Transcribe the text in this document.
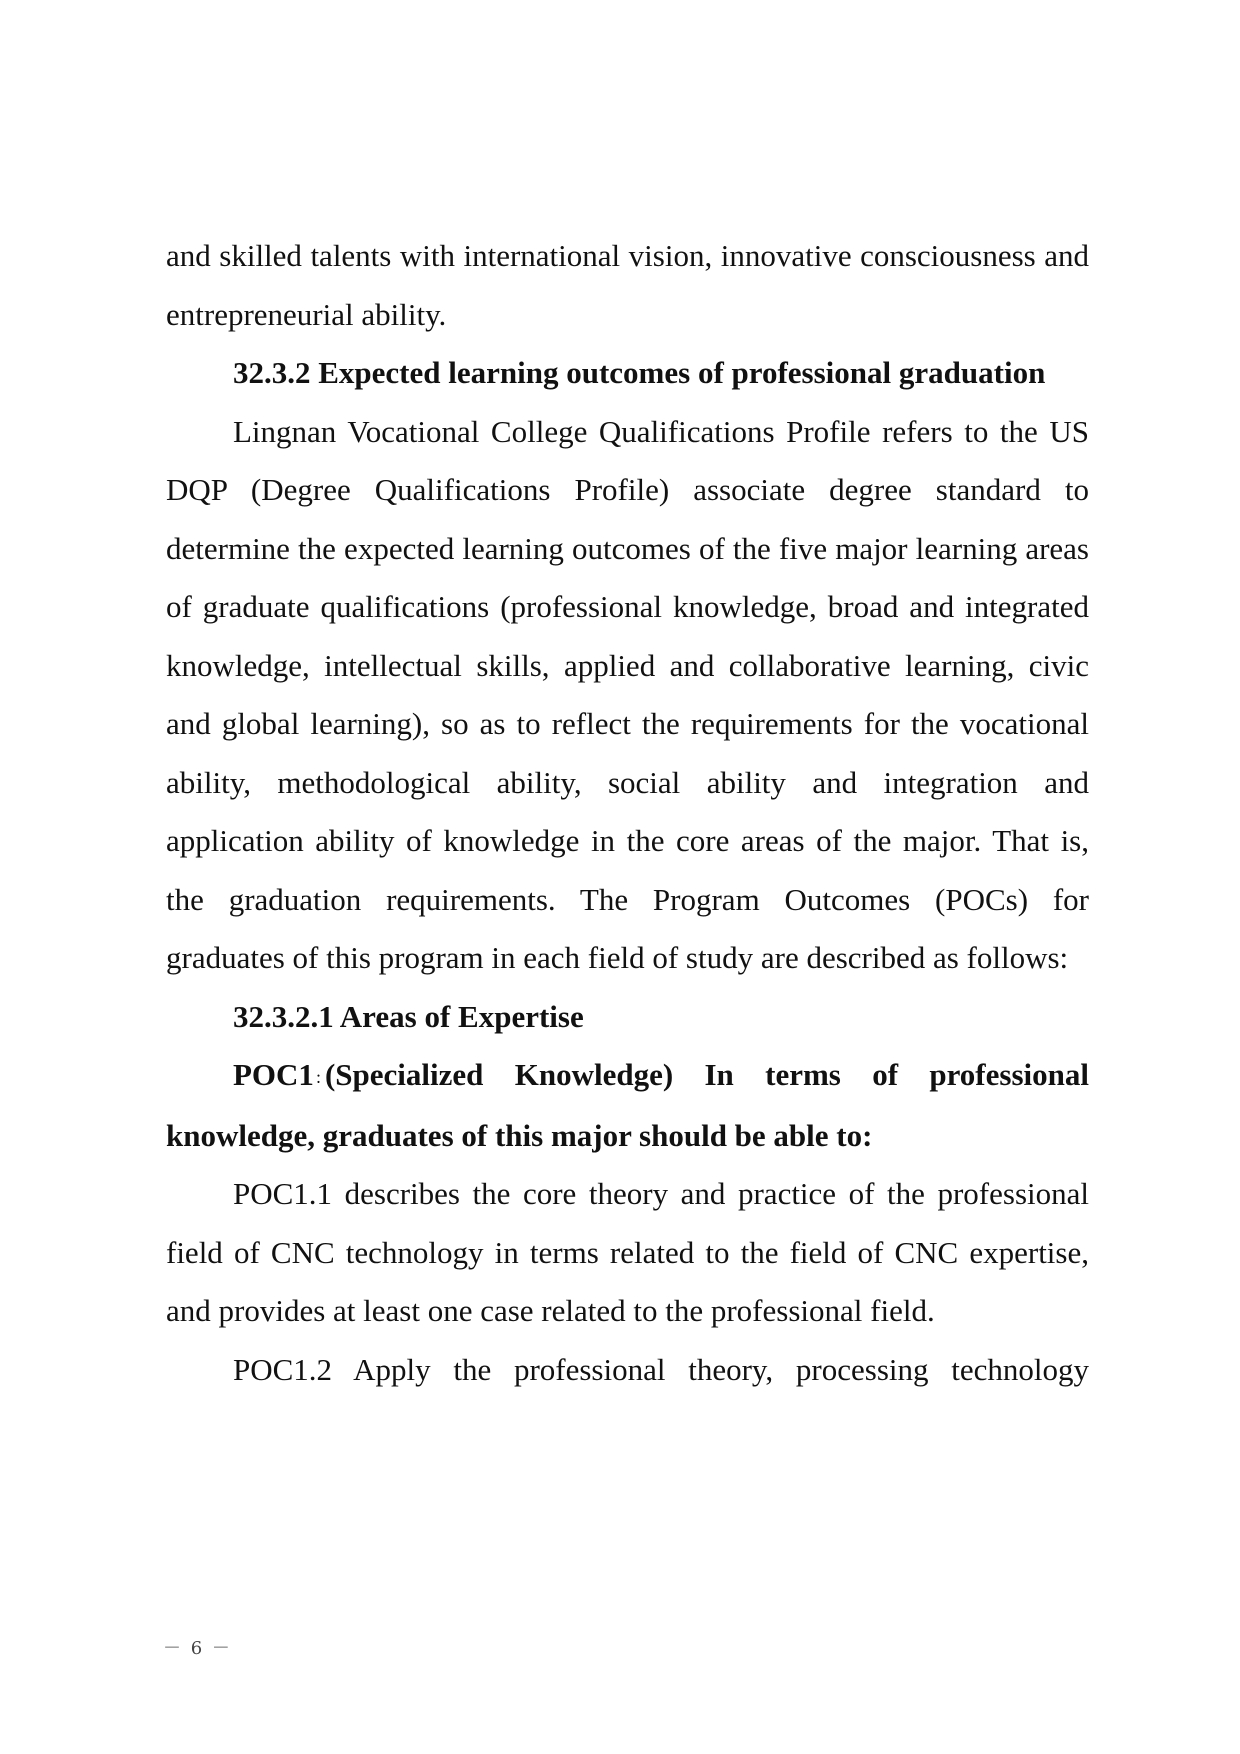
and skilled talents with international vision, innovative consciousness and entrepreneurial ability.

32.3.2 Expected learning outcomes of professional graduation

Lingnan Vocational College Qualifications Profile refers to the US DQP (Degree Qualifications Profile) associate degree standard to determine the expected learning outcomes of the five major learning areas of graduate qualifications (professional knowledge, broad and integrated knowledge, intellectual skills, applied and collaborative learning, civic and global learning), so as to reflect the requirements for the vocational ability, methodological ability, social ability and integration and application ability of knowledge in the core areas of the major. That is, the graduation requirements. The Program Outcomes (POCs) for graduates of this program in each field of study are described as follows:

32.3.2.1 Areas of Expertise

POC1 : (Specialized Knowledge) In terms of professional knowledge, graduates of this major should be able to:

POC1.1 describes the core theory and practice of the professional field of CNC technology in terms related to the field of CNC expertise, and provides at least one case related to the professional field.

POC1.2 Apply the professional theory, processing technology

－ 6 －
